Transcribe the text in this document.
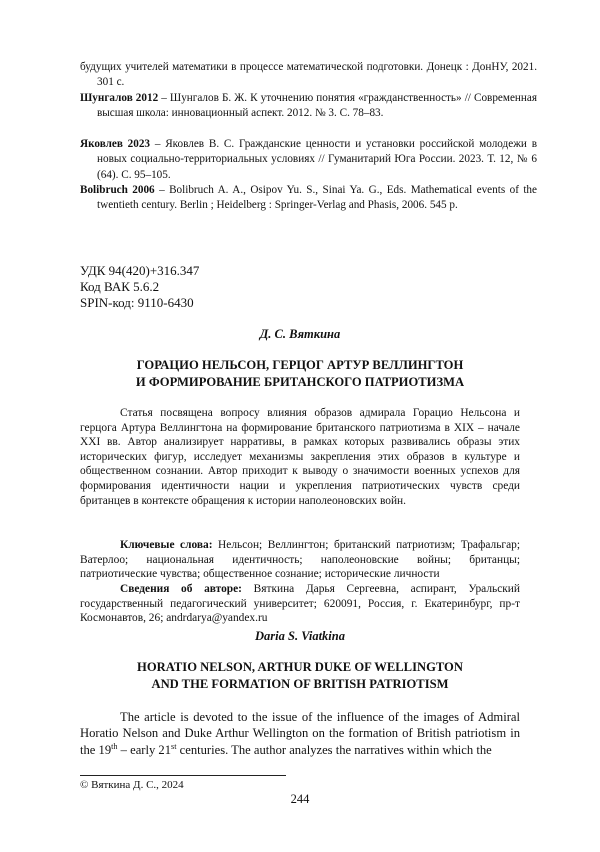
будущих учителей математики в процессе математической подготовки. Донецк : ДонНУ, 2021. 301 с.

Шунгалов 2012 – Шунгалов Б. Ж. К уточнению понятия «гражданственность» // Современная высшая школа: инновационный аспект. 2012. № 3. С. 78–83.

Яковлев 2023 – Яковлев В. С. Гражданские ценности и установки российской молодежи в новых социально-территориальных условиях // Гуманитарий Юга России. 2023. Т. 12, № 6 (64). С. 95–105.

Bolibruch 2006 – Bolibruch A. A., Osipov Yu. S., Sinai Ya. G., Eds. Mathematical events of the twentieth century. Berlin ; Heidelberg : Springer-Verlag and Phasis, 2006. 545 p.

УДК 94(420)+316.347
Код ВАК 5.6.2
SPIN-код: 9110-6430
Д. С. Вяткина
ГОРАЦИО НЕЛЬСОН, ГЕРЦОГ АРТУР ВЕЛЛИНГТОН
И ФОРМИРОВАНИЕ БРИТАНСКОГО ПАТРИОТИЗМА

Статья посвящена вопросу влияния образов адмирала Горацио Нельсона и герцога Артура Веллингтона на формирование британского патриотизма в XIX – начале XXI вв. Автор анализирует нарративы, в рамках которых развивались образы этих исторических фигур, исследует механизмы закрепления этих образов в культуре и общественном сознании. Автор приходит к выводу о значимости военных успехов для формирования идентичности нации и укрепления патриотических чувств среди британцев в контексте обращения к истории наполеоновских войн.

Ключевые слова: Нельсон; Веллингтон; британский патриотизм; Трафальгар; Ватерлоо; национальная идентичность; наполеоновские войны; британцы; патриотические чувства; общественное сознание; исторические личности

Сведения об авторе: Вяткина Дарья Сергеевна, аспирант, Уральский государственный педагогический университет; 620091, Россия, г. Екатеринбург, пр-т Космонавтов, 26; andrdarya@yandex.ru

Daria S. Viatkina
HORATIO NELSON, ARTHUR DUKE OF WELLINGTON
AND THE FORMATION OF BRITISH PATRIOTISM

The article is devoted to the issue of the influence of the images of Admiral Horatio Nelson and Duke Arthur Wellington on the formation of British patriotism in the 19th – early 21st centuries. The author analyzes the narratives within which the

© Вяткина Д. С., 2024
244
